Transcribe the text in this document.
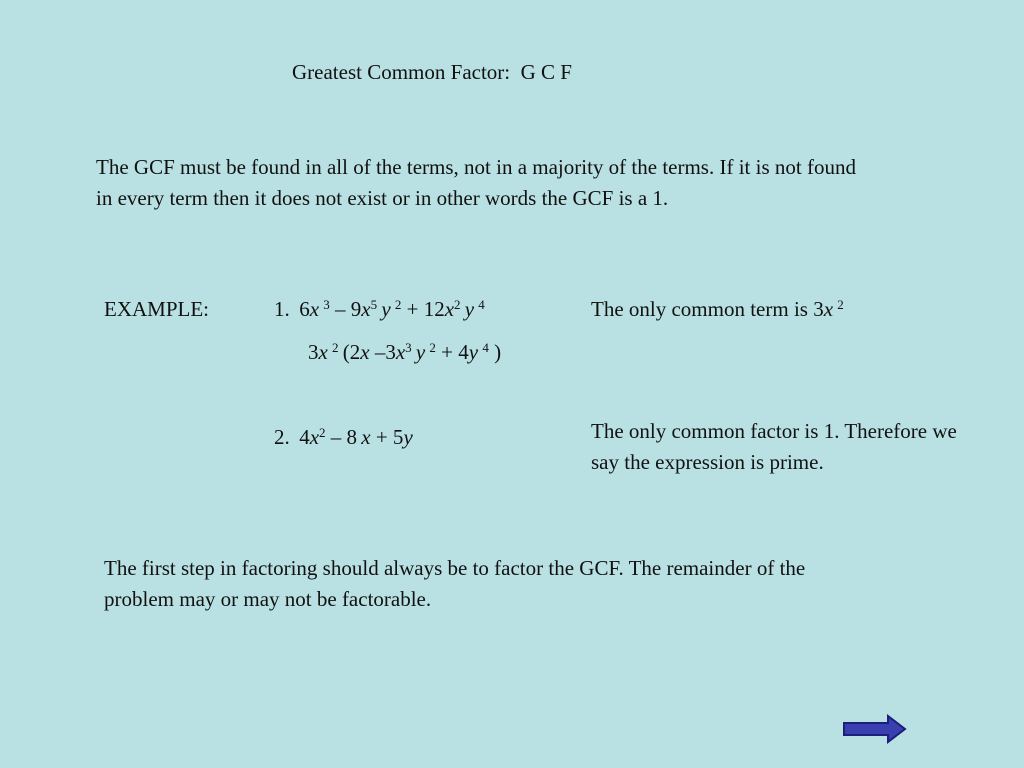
Greatest Common Factor:  G C F
The GCF must be found in all of the terms, not in a majority of the terms. If it is not found in every term then it does not exist or in other words the GCF is a 1.
EXAMPLE:	1.  6x  $^3 - 9x^5$  y  $^2 + 12x^2$  y  $^4$
3x  $^2$ (2x $-3x^3$  y  $^2$ + 4y  $^4$ )
The only common term is 3x  $^2$
2.  $4x^2 - 8$ x + 5y	The only common factor is 1. Therefore we say the expression is prime.
The first step in factoring should always be to factor the GCF. The remainder of the problem may or may not be factorable.
